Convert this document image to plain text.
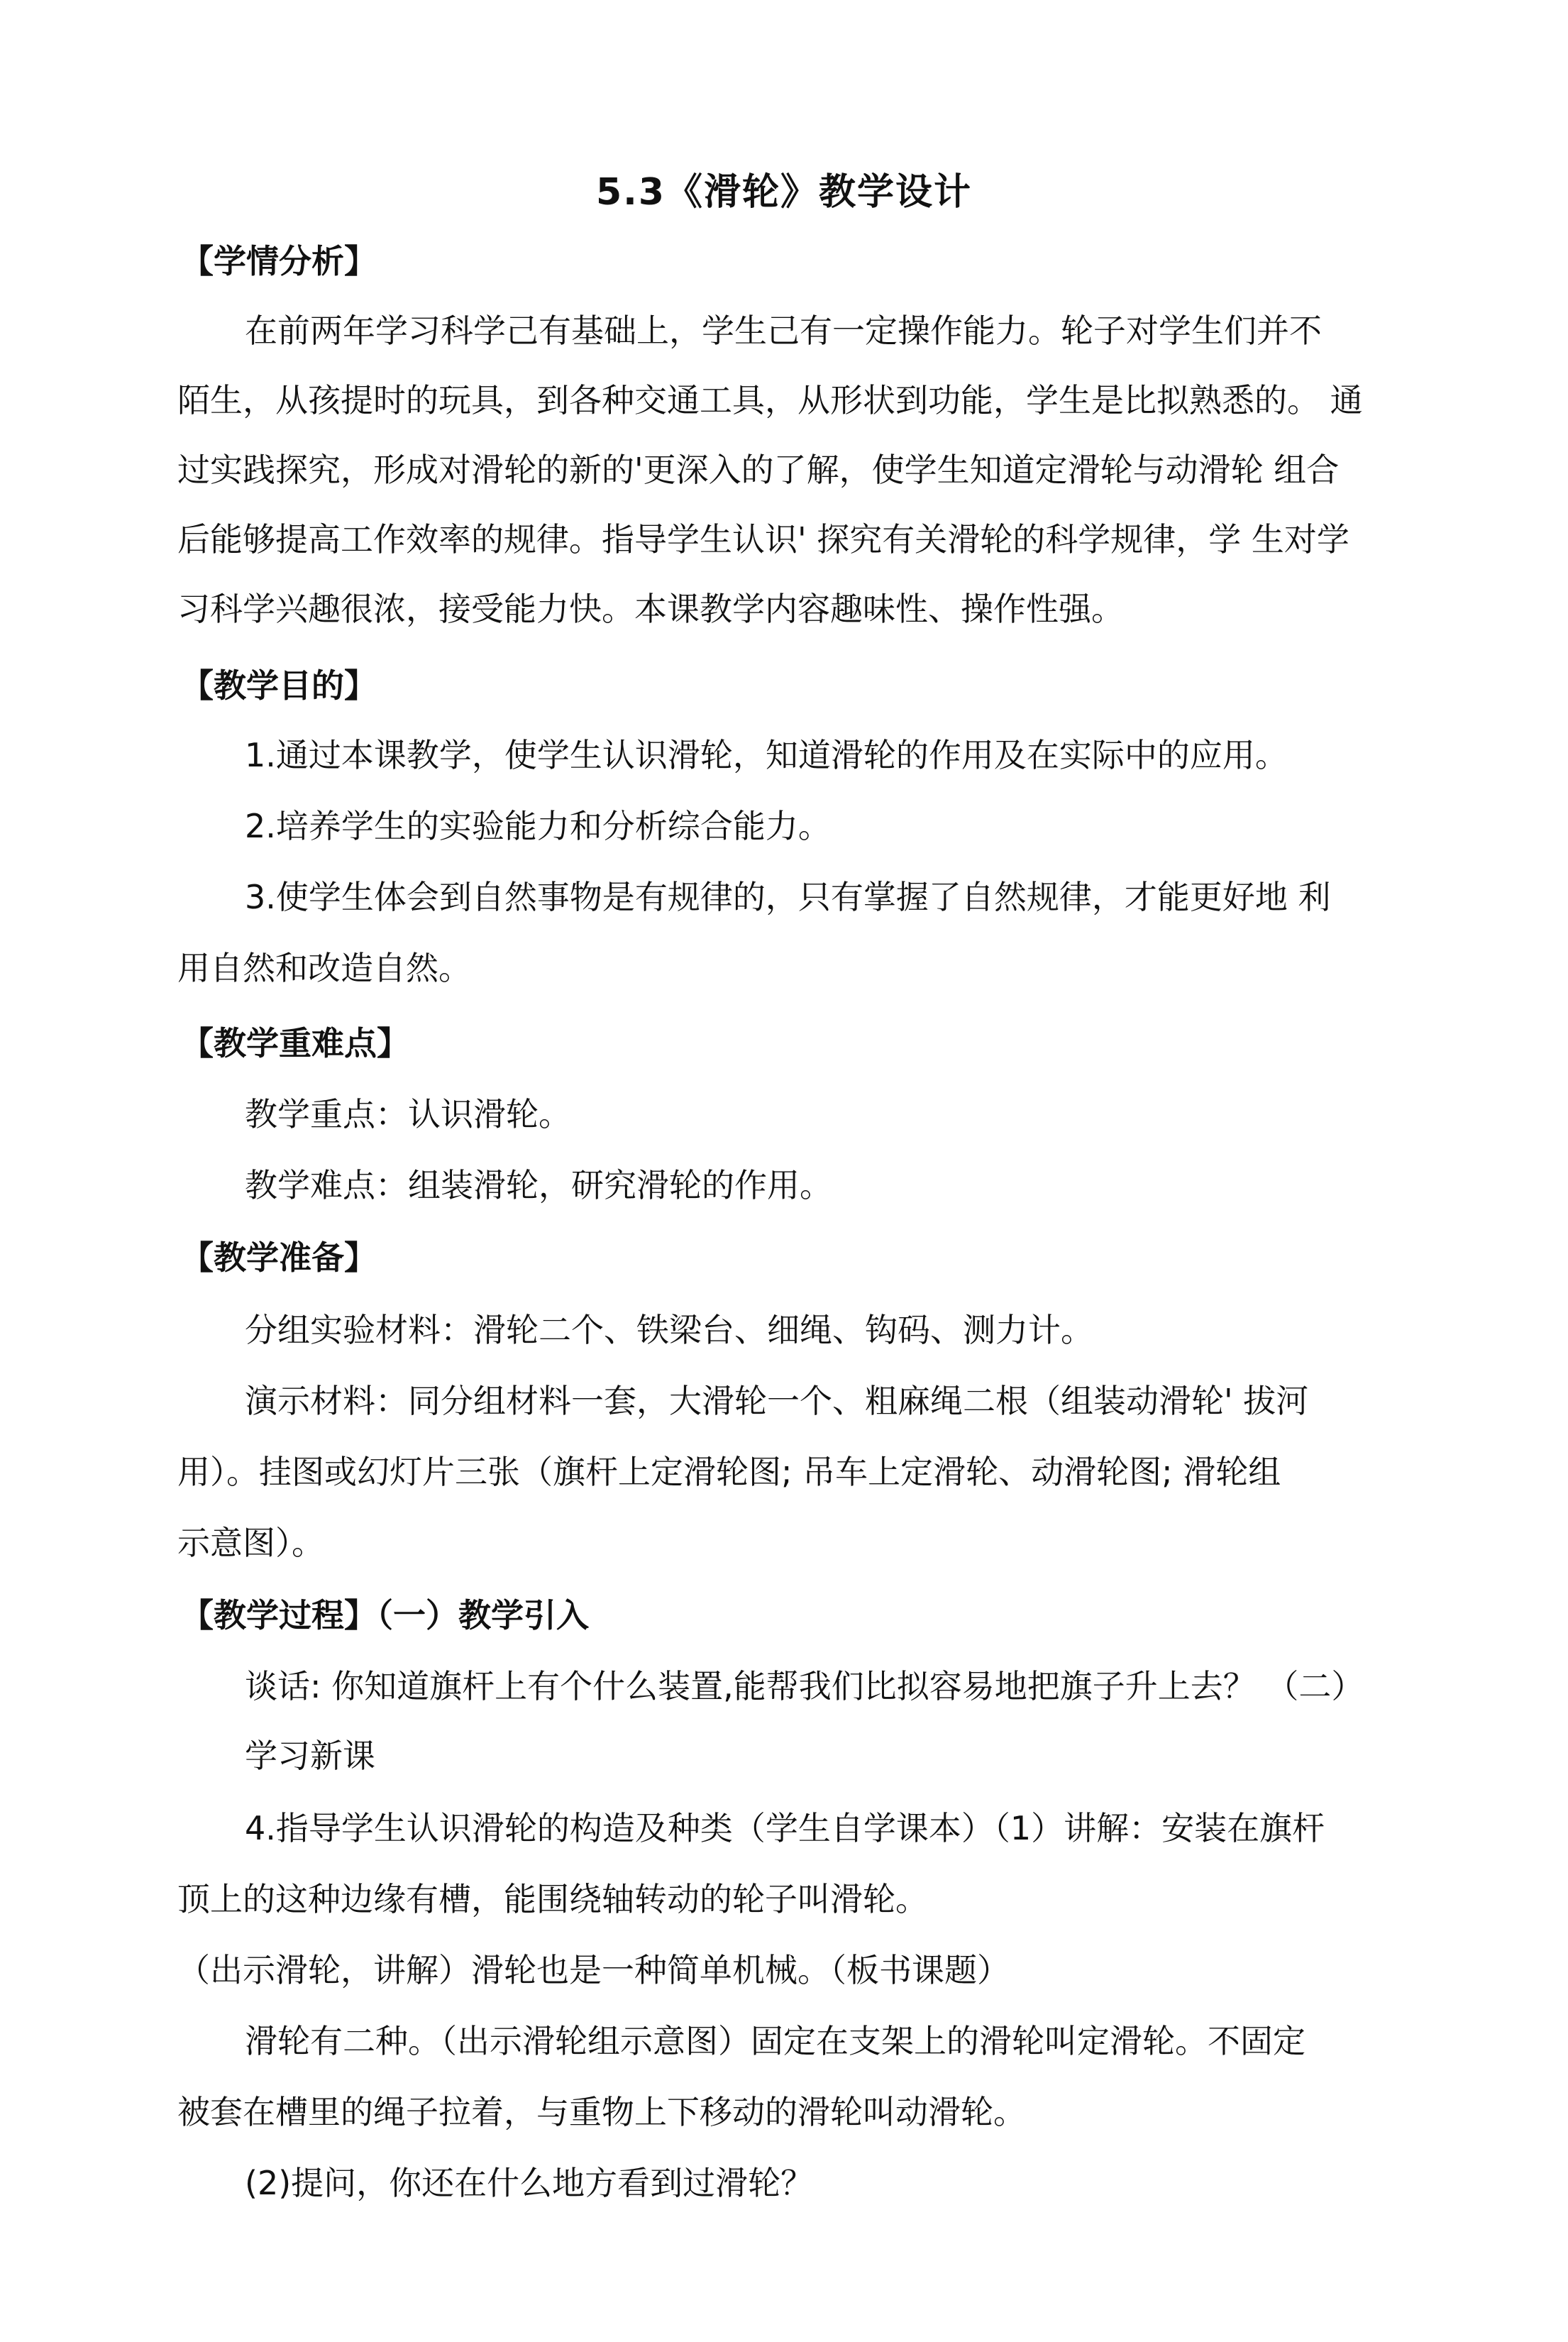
5.3《滑轮》教学设计

【学情分析】

在前两年学习科学己有基础上，学生己有一定操作能力。轮子对学生们并不

陌生，从孩提时的玩具，到各种交通工具，从形状到功能，学生是比拟熟悉的。 通

过实践探究，形成对滑轮的新的'更深入的了解，使学生知道定滑轮与动滑轮 组合

后能够提高工作效率的规律。指导学生认识' 探究有关滑轮的科学规律，学 生对学

习科学兴趣很浓，接受能力快。本课教学内容趣味性、操作性强。

【教学目的】

1.通过本课教学，使学生认识滑轮，知道滑轮的作用及在实际中的应用。

2.培养学生的实验能力和分析综合能力。

3.使学生体会到自然事物是有规律的，只有掌握了自然规律，才能更好地 利

用自然和改造自然。

【教学重难点】

教学重点：认识滑轮。

教学难点：组装滑轮，研究滑轮的作用。

【教学准备】

分组实验材料：滑轮二个、铁梁台、细绳、钩码、测力计。

演示材料：同分组材料一套，大滑轮一个、粗麻绳二根（组装动滑轮' 拔河

用）。挂图或幻灯片三张（旗杆上定滑轮图; 吊车上定滑轮、动滑轮图; 滑轮组

示意图）。

【教学过程】（一）教学引入

谈话: 你知道旗杆上有个什么装置,能帮我们比拟容易地把旗子升上去？ （二）

学习新课

4.指导学生认识滑轮的构造及种类（学生自学课本）（1）讲解：安装在旗杆

顶上的这种边缘有槽，能围绕轴转动的轮子叫滑轮。

（出示滑轮，讲解）滑轮也是一种简单机械。（板书课题）

滑轮有二种。（出示滑轮组示意图）固定在支架上的滑轮叫定滑轮。不固定

被套在槽里的绳子拉着，与重物上下移动的滑轮叫动滑轮。

(2)提问，你还在什么地方看到过滑轮？
